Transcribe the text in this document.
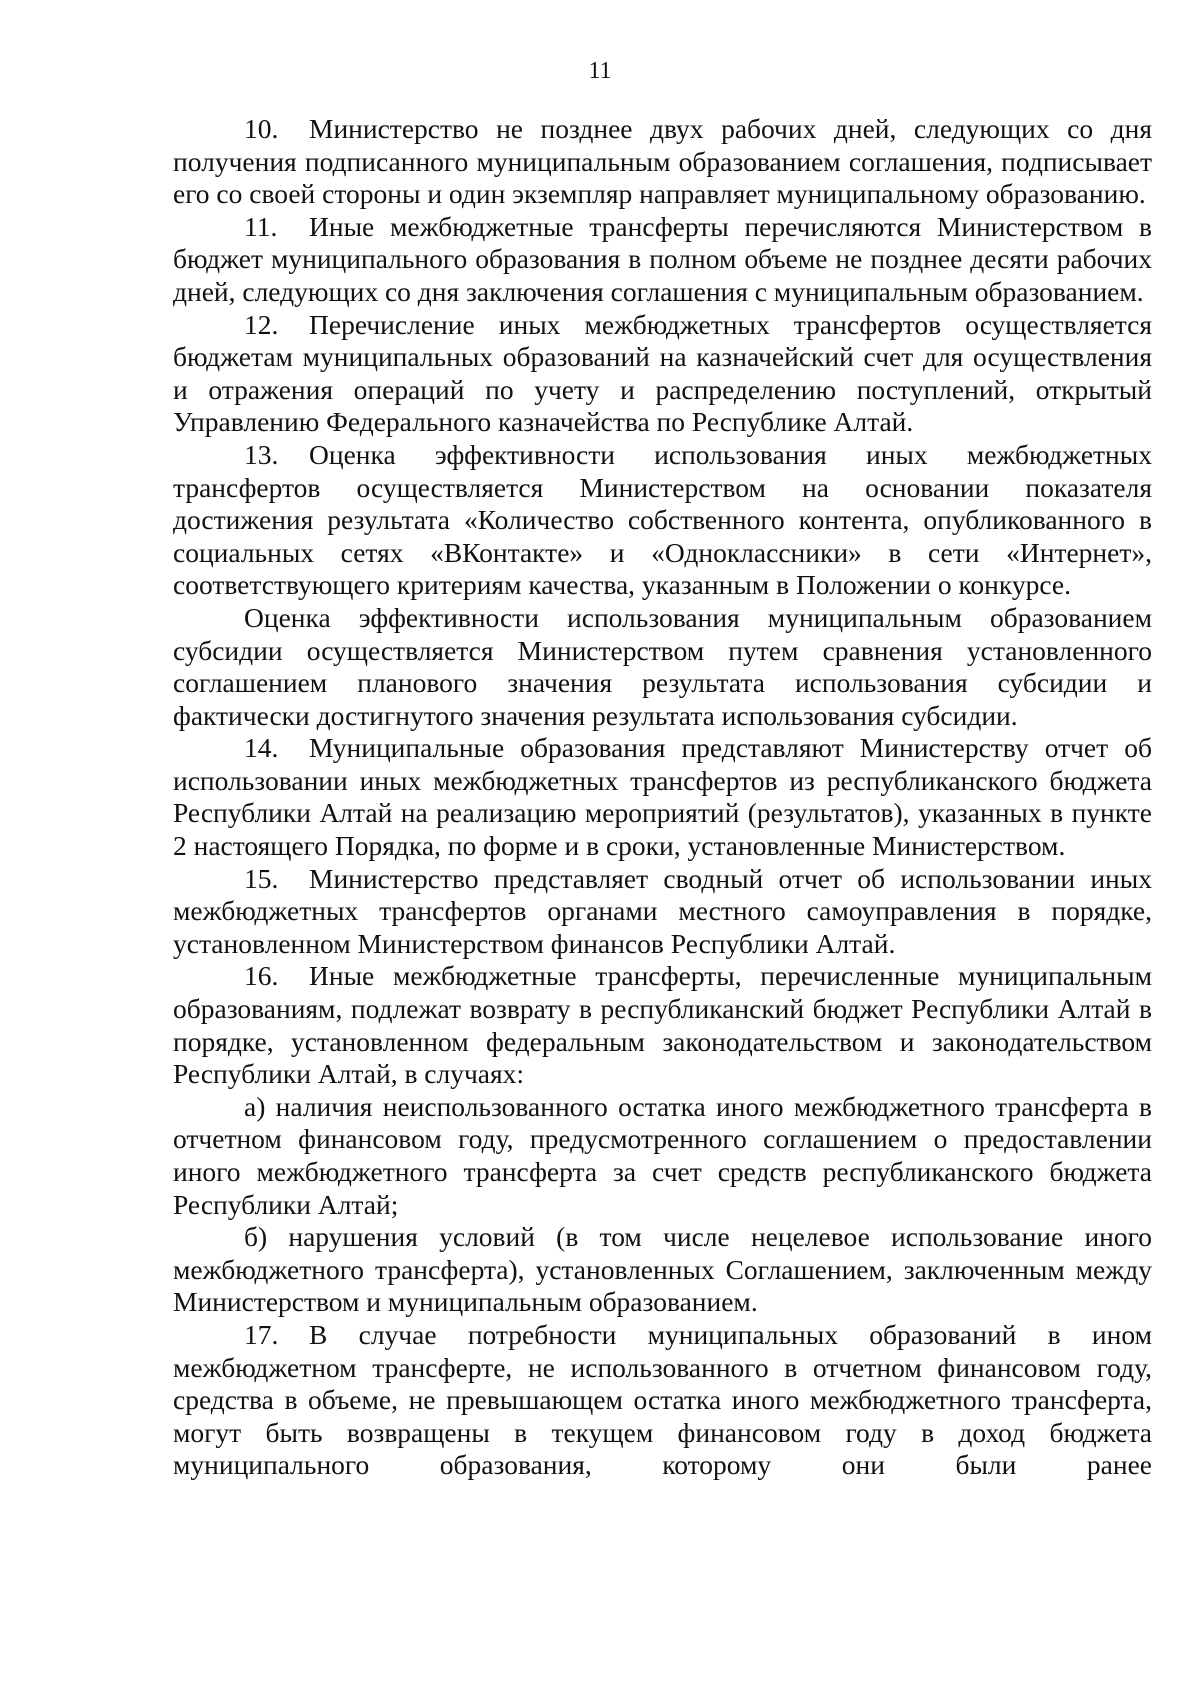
11

10. Министерство не позднее двух рабочих дней, следующих со дня получения подписанного муниципальным образованием соглашения, подписывает его со своей стороны и один экземпляр направляет муниципальному образованию.

11. Иные межбюджетные трансферты перечисляются Министерством в бюджет муниципального образования в полном объеме не позднее десяти рабочих дней, следующих со дня заключения соглашения с муниципальным образованием.

12. Перечисление иных межбюджетных трансфертов осуществляется бюджетам муниципальных образований на казначейский счет для осуществления и отражения операций по учету и распределению поступлений, открытый Управлению Федерального казначейства по Республике Алтай.

13. Оценка эффективности использования иных межбюджетных трансфертов осуществляется Министерством на основании показателя достижения результата «Количество собственного контента, опубликованного в социальных сетях «ВКонтакте» и «Одноклассники» в сети «Интернет», соответствующего критериям качества, указанным в Положении о конкурсе.

Оценка эффективности использования муниципальным образованием субсидии осуществляется Министерством путем сравнения установленного соглашением планового значения результата использования субсидии и фактически достигнутого значения результата использования субсидии.

14. Муниципальные образования представляют Министерству отчет об использовании иных межбюджетных трансфертов из республиканского бюджета Республики Алтай на реализацию мероприятий (результатов), указанных в пункте 2 настоящего Порядка, по форме и в сроки, установленные Министерством.

15. Министерство представляет сводный отчет об использовании иных межбюджетных трансфертов органами местного самоуправления в порядке, установленном Министерством финансов Республики Алтай.

16. Иные межбюджетные трансферты, перечисленные муниципальным образованиям, подлежат возврату в республиканский бюджет Республики Алтай в порядке, установленном федеральным законодательством и законодательством Республики Алтай, в случаях:

а) наличия неиспользованного остатка иного межбюджетного трансферта в отчетном финансовом году, предусмотренного соглашением о предоставлении иного межбюджетного трансферта за счет средств республиканского бюджета Республики Алтай;

б) нарушения условий (в том числе нецелевое использование иного межбюджетного трансферта), установленных Соглашением, заключенным между Министерством и муниципальным образованием.

17. В случае потребности муниципальных образований в ином межбюджетном трансферте, не использованного в отчетном финансовом году, средства в объеме, не превышающем остатка иного межбюджетного трансферта, могут быть возвращены в текущем финансовом году в доход бюджета муниципального образования, которому они были ранее
